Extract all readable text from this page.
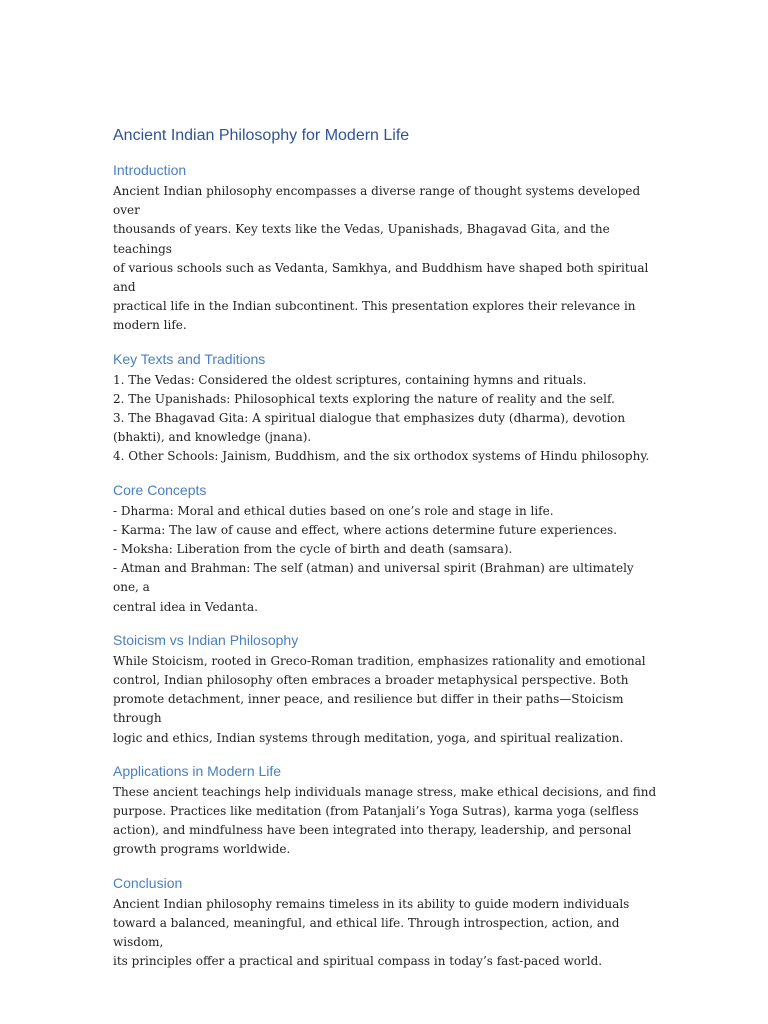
Ancient Indian Philosophy for Modern Life
Introduction

Ancient Indian philosophy encompasses a diverse range of thought systems developed over

thousands of years. Key texts like the Vedas, Upanishads, Bhagavad Gita, and the teachings

of various schools such as Vedanta, Samkhya, and Buddhism have shaped both spiritual and

practical life in the Indian subcontinent. This presentation explores their relevance in

modern life.

Key Texts and Traditions

1. The Vedas: Considered the oldest scriptures, containing hymns and rituals.

2. The Upanishads: Philosophical texts exploring the nature of reality and the self.

3. The Bhagavad Gita: A spiritual dialogue that emphasizes duty (dharma), devotion

(bhakti), and knowledge (jnana).

4. Other Schools: Jainism, Buddhism, and the six orthodox systems of Hindu philosophy.

Core Concepts

- Dharma: Moral and ethical duties based on one’s role and stage in life.

- Karma: The law of cause and effect, where actions determine future experiences.

- Moksha: Liberation from the cycle of birth and death (samsara).

- Atman and Brahman: The self (atman) and universal spirit (Brahman) are ultimately one, a

central idea in Vedanta.

Stoicism vs Indian Philosophy

While Stoicism, rooted in Greco-Roman tradition, emphasizes rationality and emotional

control, Indian philosophy often embraces a broader metaphysical perspective. Both

promote detachment, inner peace, and resilience but differ in their paths—Stoicism through

logic and ethics, Indian systems through meditation, yoga, and spiritual realization.

Applications in Modern Life

These ancient teachings help individuals manage stress, make ethical decisions, and find

purpose. Practices like meditation (from Patanjali’s Yoga Sutras), karma yoga (selfless

action), and mindfulness have been integrated into therapy, leadership, and personal

growth programs worldwide.

Conclusion

Ancient Indian philosophy remains timeless in its ability to guide modern individuals

toward a balanced, meaningful, and ethical life. Through introspection, action, and wisdom,

its principles offer a practical and spiritual compass in today’s fast-paced world.
